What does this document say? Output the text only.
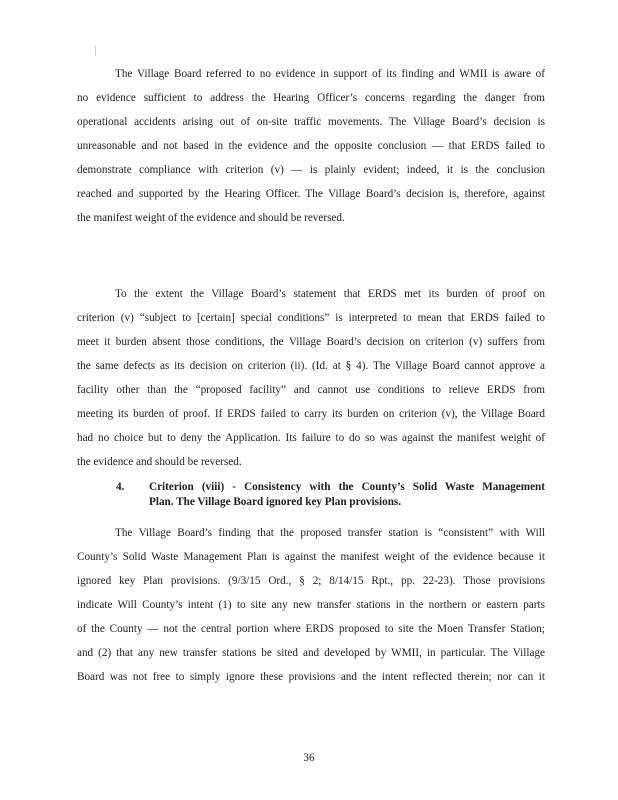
The Village Board referred to no evidence in support of its finding and WMII is aware of
no evidence sufficient to address the Hearing Officer’s concerns regarding the danger from
operational accidents arising out of on-site traffic movements. The Village Board’s decision is
unreasonable and not based in the evidence and the opposite conclusion — that ERDS failed to
demonstrate compliance with criterion (v) — is plainly evident; indeed, it is the conclusion
reached and supported by the Hearing Officer. The Village Board’s decision is, therefore, against
the manifest weight of the evidence and should be reversed.
To the extent the Village Board’s statement that ERDS met its burden of proof on
criterion (v) “subject to [certain] special conditions” is interpreted to mean that ERDS failed to
meet it burden absent those conditions, the Village Board’s decision on criterion (v) suffers from
the same defects as its decision on criterion (ii). (Id. at § 4). The Village Board cannot approve a
facility other than the “proposed facility” and cannot use conditions to relieve ERDS from
meeting its burden of proof. If ERDS failed to carry its burden on criterion (v), the Village Board
had no choice but to deny the Application. Its failure to do so was against the manifest weight of
the evidence and should be reversed.
4. Criterion (viii) - Consistency with the County’s Solid Waste Management
Plan. The Village Board ignored key Plan provisions.
The Village Board’s finding that the proposed transfer station is “consistent” with Will
County’s Solid Waste Management Plan is against the manifest weight of the evidence because it
ignored key Plan provisions. (9/3/15 Ord., § 2; 8/14/15 Rpt., pp. 22-23). Those provisions
indicate Will County’s intent (1) to site any new transfer stations in the northern or eastern parts
of the County — not the central portion where ERDS proposed to site the Moen Transfer Station;
and (2) that any new transfer stations be sited and developed by WMII, in particular. The Village
Board was not free to simply ignore these provisions and the intent reflected therein; nor can it
36
